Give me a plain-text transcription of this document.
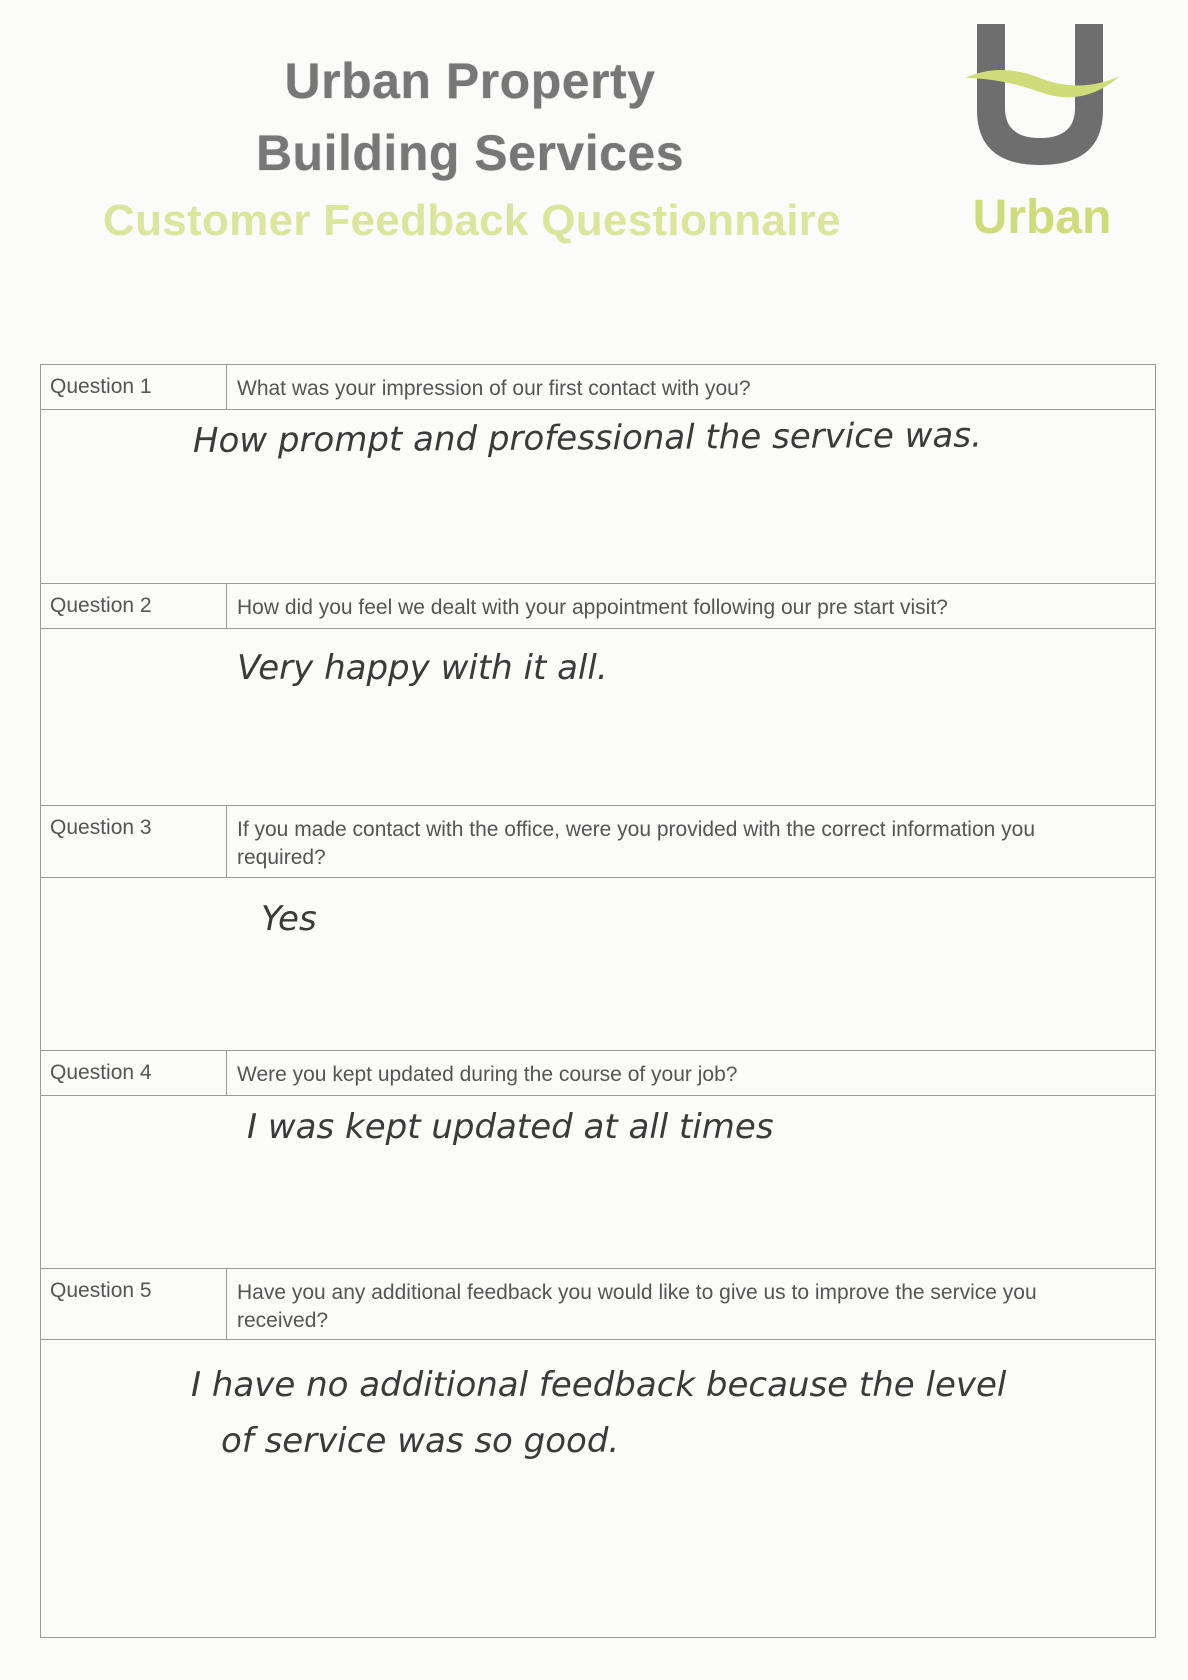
Urban Property
Building Services
Customer Feedback Questionnaire	Urban
Question 1	What was your impression of our first contact with you?
How prompt and professional the service was.
Question 2	How did you feel we dealt with your appointment following our pre start visit?
Very happy with it all.
Question 3	If you made contact with the office, were you provided with the correct information you required?
Yes
Question 4	Were you kept updated during the course of your job?
I was kept updated at all times
Question 5	Have you any additional feedback you would like to give us to improve the service you received?
I have no additional feedback because the level
of service was so good.
